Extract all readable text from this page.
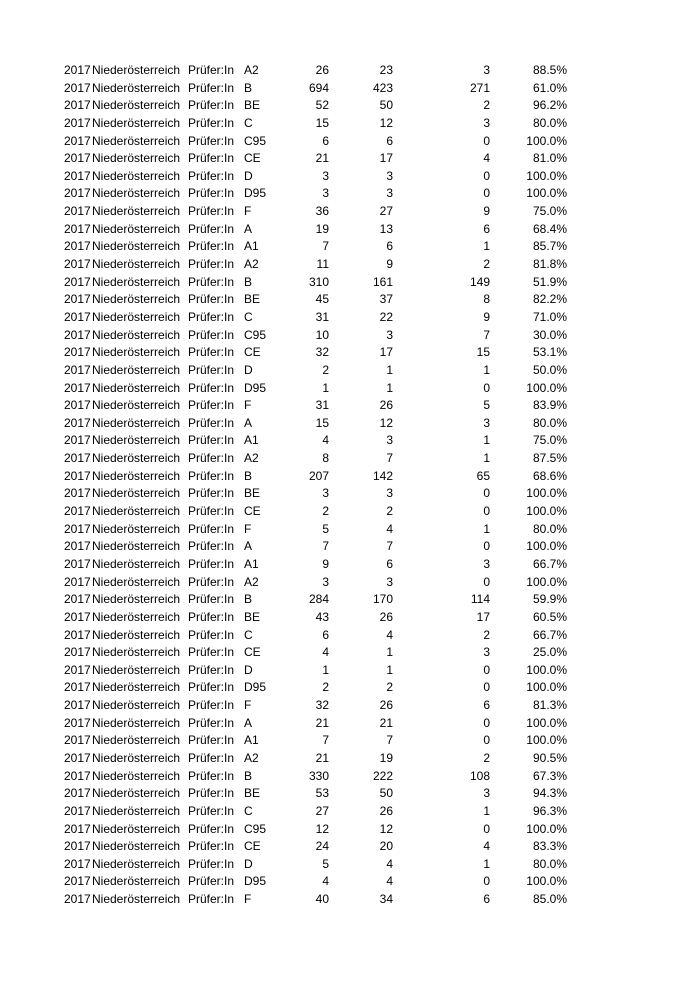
2017 Niederösterreich Prüfer:In A2	26	23	3	88.5%
2017 Niederösterreich Prüfer:In B	694	423	271	61.0%
2017 Niederösterreich Prüfer:In BE	52	50	2	96.2%
2017 Niederösterreich Prüfer:In C	15	12	3	80.0%
2017 Niederösterreich Prüfer:In C95	6	6	0	100.0%
2017 Niederösterreich Prüfer:In CE	21	17	4	81.0%
2017 Niederösterreich Prüfer:In D	3	3	0	100.0%
2017 Niederösterreich Prüfer:In D95	3	3	0	100.0%
2017 Niederösterreich Prüfer:In F	36	27	9	75.0%
2017 Niederösterreich Prüfer:In A	19	13	6	68.4%
2017 Niederösterreich Prüfer:In A1	7	6	1	85.7%
2017 Niederösterreich Prüfer:In A2	11	9	2	81.8%
2017 Niederösterreich Prüfer:In B	310	161	149	51.9%
2017 Niederösterreich Prüfer:In BE	45	37	8	82.2%
2017 Niederösterreich Prüfer:In C	31	22	9	71.0%
2017 Niederösterreich Prüfer:In C95	10	3	7	30.0%
2017 Niederösterreich Prüfer:In CE	32	17	15	53.1%
2017 Niederösterreich Prüfer:In D	2	1	1	50.0%
2017 Niederösterreich Prüfer:In D95	1	1	0	100.0%
2017 Niederösterreich Prüfer:In F	31	26	5	83.9%
2017 Niederösterreich Prüfer:In A	15	12	3	80.0%
2017 Niederösterreich Prüfer:In A1	4	3	1	75.0%
2017 Niederösterreich Prüfer:In A2	8	7	1	87.5%
2017 Niederösterreich Prüfer:In B	207	142	65	68.6%
2017 Niederösterreich Prüfer:In BE	3	3	0	100.0%
2017 Niederösterreich Prüfer:In CE	2	2	0	100.0%
2017 Niederösterreich Prüfer:In F	5	4	1	80.0%
2017 Niederösterreich Prüfer:In A	7	7	0	100.0%
2017 Niederösterreich Prüfer:In A1	9	6	3	66.7%
2017 Niederösterreich Prüfer:In A2	3	3	0	100.0%
2017 Niederösterreich Prüfer:In B	284	170	114	59.9%
2017 Niederösterreich Prüfer:In BE	43	26	17	60.5%
2017 Niederösterreich Prüfer:In C	6	4	2	66.7%
2017 Niederösterreich Prüfer:In CE	4	1	3	25.0%
2017 Niederösterreich Prüfer:In D	1	1	0	100.0%
2017 Niederösterreich Prüfer:In D95	2	2	0	100.0%
2017 Niederösterreich Prüfer:In F	32	26	6	81.3%
2017 Niederösterreich Prüfer:In A	21	21	0	100.0%
2017 Niederösterreich Prüfer:In A1	7	7	0	100.0%
2017 Niederösterreich Prüfer:In A2	21	19	2	90.5%
2017 Niederösterreich Prüfer:In B	330	222	108	67.3%
2017 Niederösterreich Prüfer:In BE	53	50	3	94.3%
2017 Niederösterreich Prüfer:In C	27	26	1	96.3%
2017 Niederösterreich Prüfer:In C95	12	12	0	100.0%
2017 Niederösterreich Prüfer:In CE	24	20	4	83.3%
2017 Niederösterreich Prüfer:In D	5	4	1	80.0%
2017 Niederösterreich Prüfer:In D95	4	4	0	100.0%
2017 Niederösterreich Prüfer:In F	40	34	6	85.0%
